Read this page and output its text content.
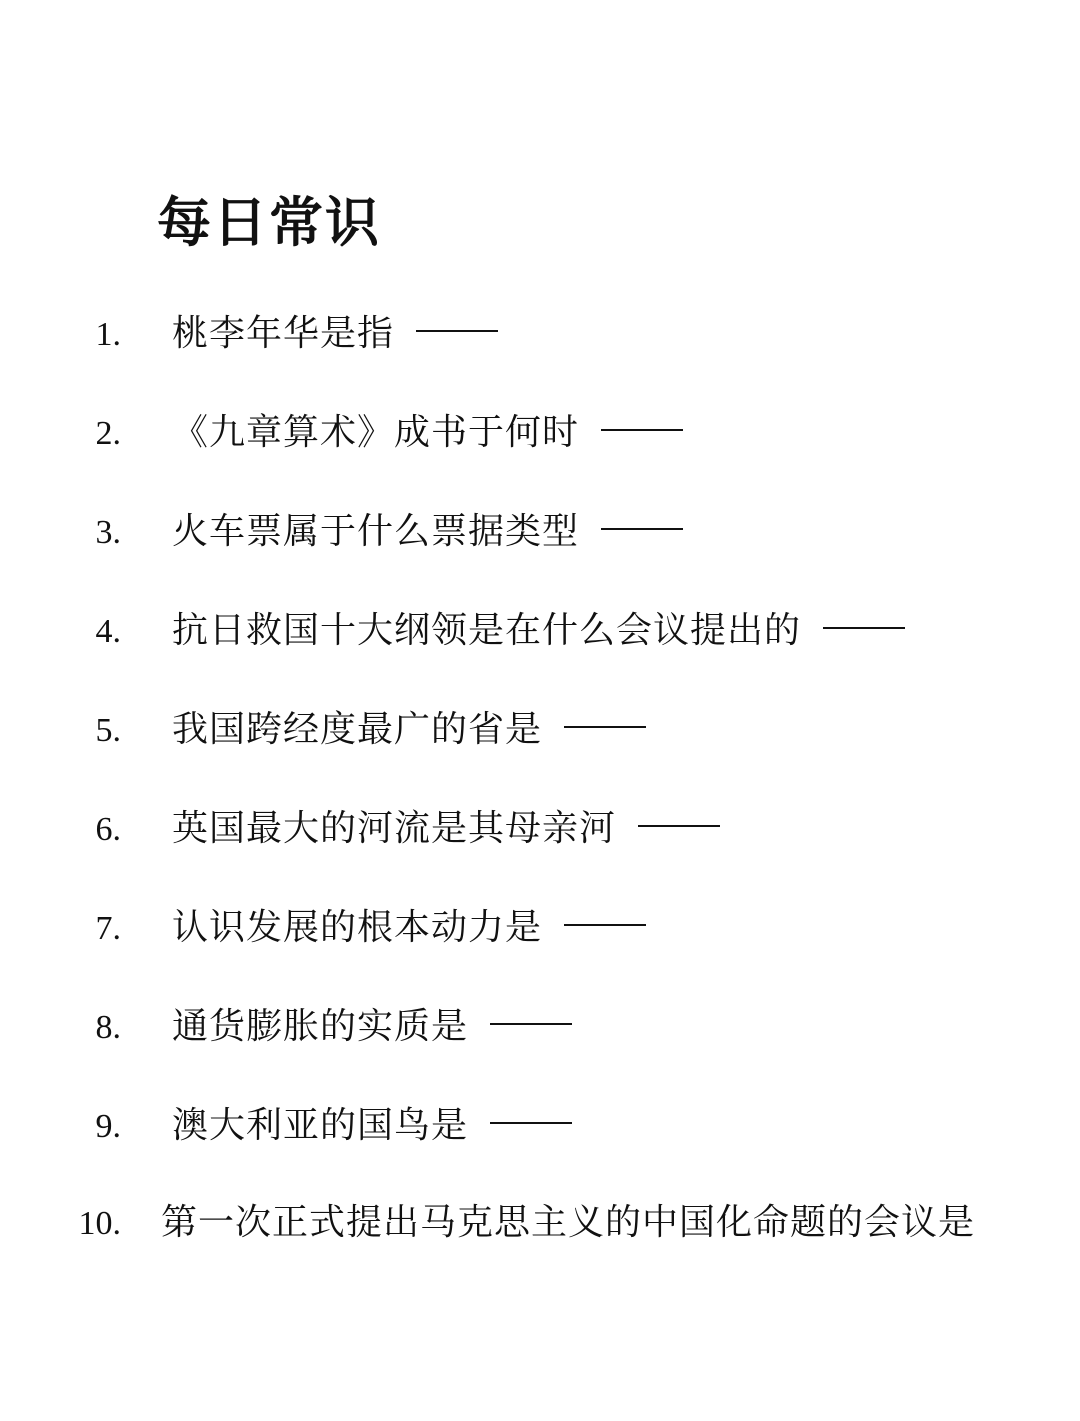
每日常识
1. 桃李年华是指
2. 《九章算术》成书于何时
3. 火车票属于什么票据类型
4. 抗日救国十大纲领是在什么会议提出的
5. 我国跨经度最广的省是
6. 英国最大的河流是其母亲河
7. 认识发展的根本动力是
8. 通货膨胀的实质是
9. 澳大利亚的国鸟是
10. 第一次正式提出马克思主义的中国化命题的会议是
